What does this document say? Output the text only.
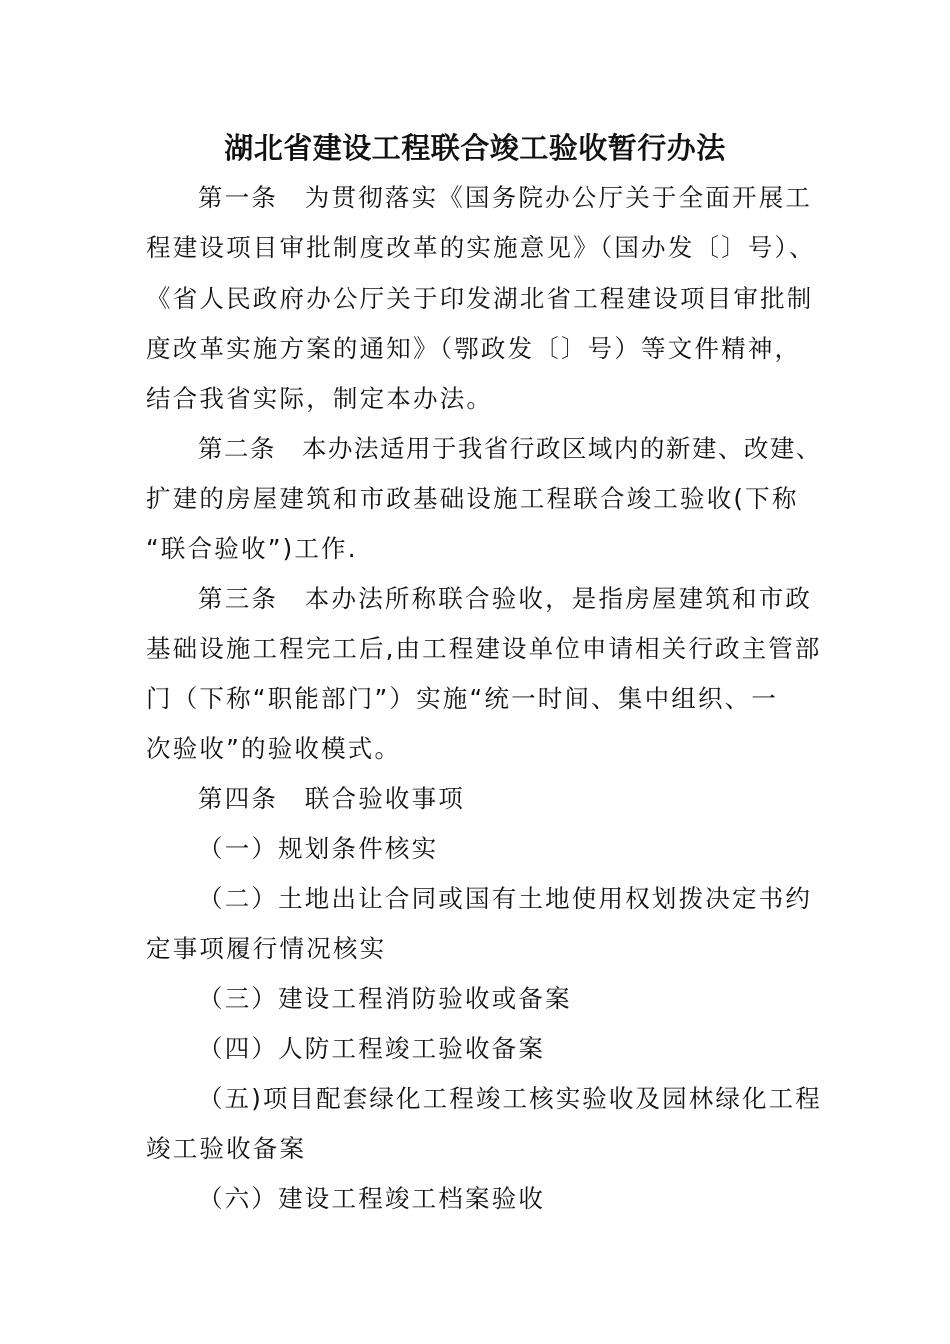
湖北省建设工程联合竣工验收暂行办法
第一条　为贯彻落实《国务院办公厅关于全面开展工
程建设项目审批制度改革的实施意见》（国办发〔〕号）、
《省人民政府办公厅关于印发湖北省工程建设项目审批制
度改革实施方案的通知》（鄂政发〔〕号）等文件精神，
结合我省实际，制定本办法。
第二条　本办法适用于我省行政区域内的新建、改建、
扩建的房屋建筑和市政基础设施工程联合竣工验收(下称
“联合验收”)工作.
第三条　本办法所称联合验收，是指房屋建筑和市政
基础设施工程完工后,由工程建设单位申请相关行政主管部
门（下称“职能部门”）实施“统一时间、集中组织、一
次验收”的验收模式。
第四条　联合验收事项
（一）规划条件核实
（二）土地出让合同或国有土地使用权划拨决定书约
定事项履行情况核实
（三）建设工程消防验收或备案
（四）人防工程竣工验收备案
（五)项目配套绿化工程竣工核实验收及园林绿化工程
竣工验收备案
（六）建设工程竣工档案验收
